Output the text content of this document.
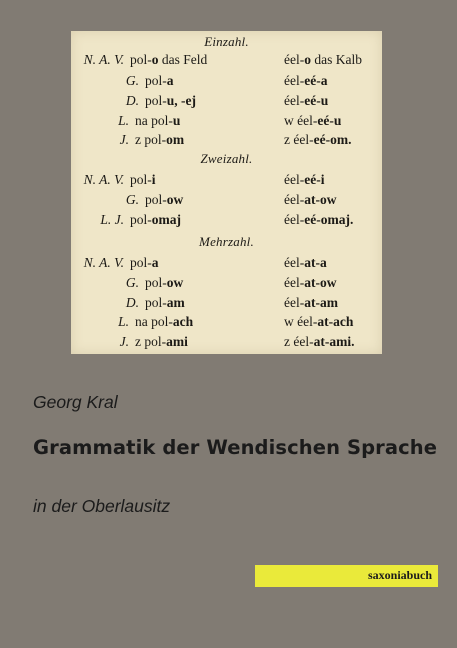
Einzahl.
N. A. V. pol-o das Feld	éel-o das Kalb
G. pol-a	éel-eé-a
D. pol-u, -ej	éel-eé-u
L. na pol-u	w éel-eé-u
J. z pol-om	z éel-eé-om.
Zweizahl.
N. A. V. pol-i	éel-eé-i
G. pol-ow	éel-at-ow
L. J. pol-omaj	éel-eé-omaj.
Mehrzahl.
N. A. V. pol-a	éel-at-a
G. pol-ow	éel-at-ow
D. pol-am	éel-at-am
L. na pol-ach	w éel-at-ach
J. z pol-ami	z éel-at-ami.
Georg Kral
Grammatik der Wendischen Sprache
in der Oberlausitz
saxoniabuch
